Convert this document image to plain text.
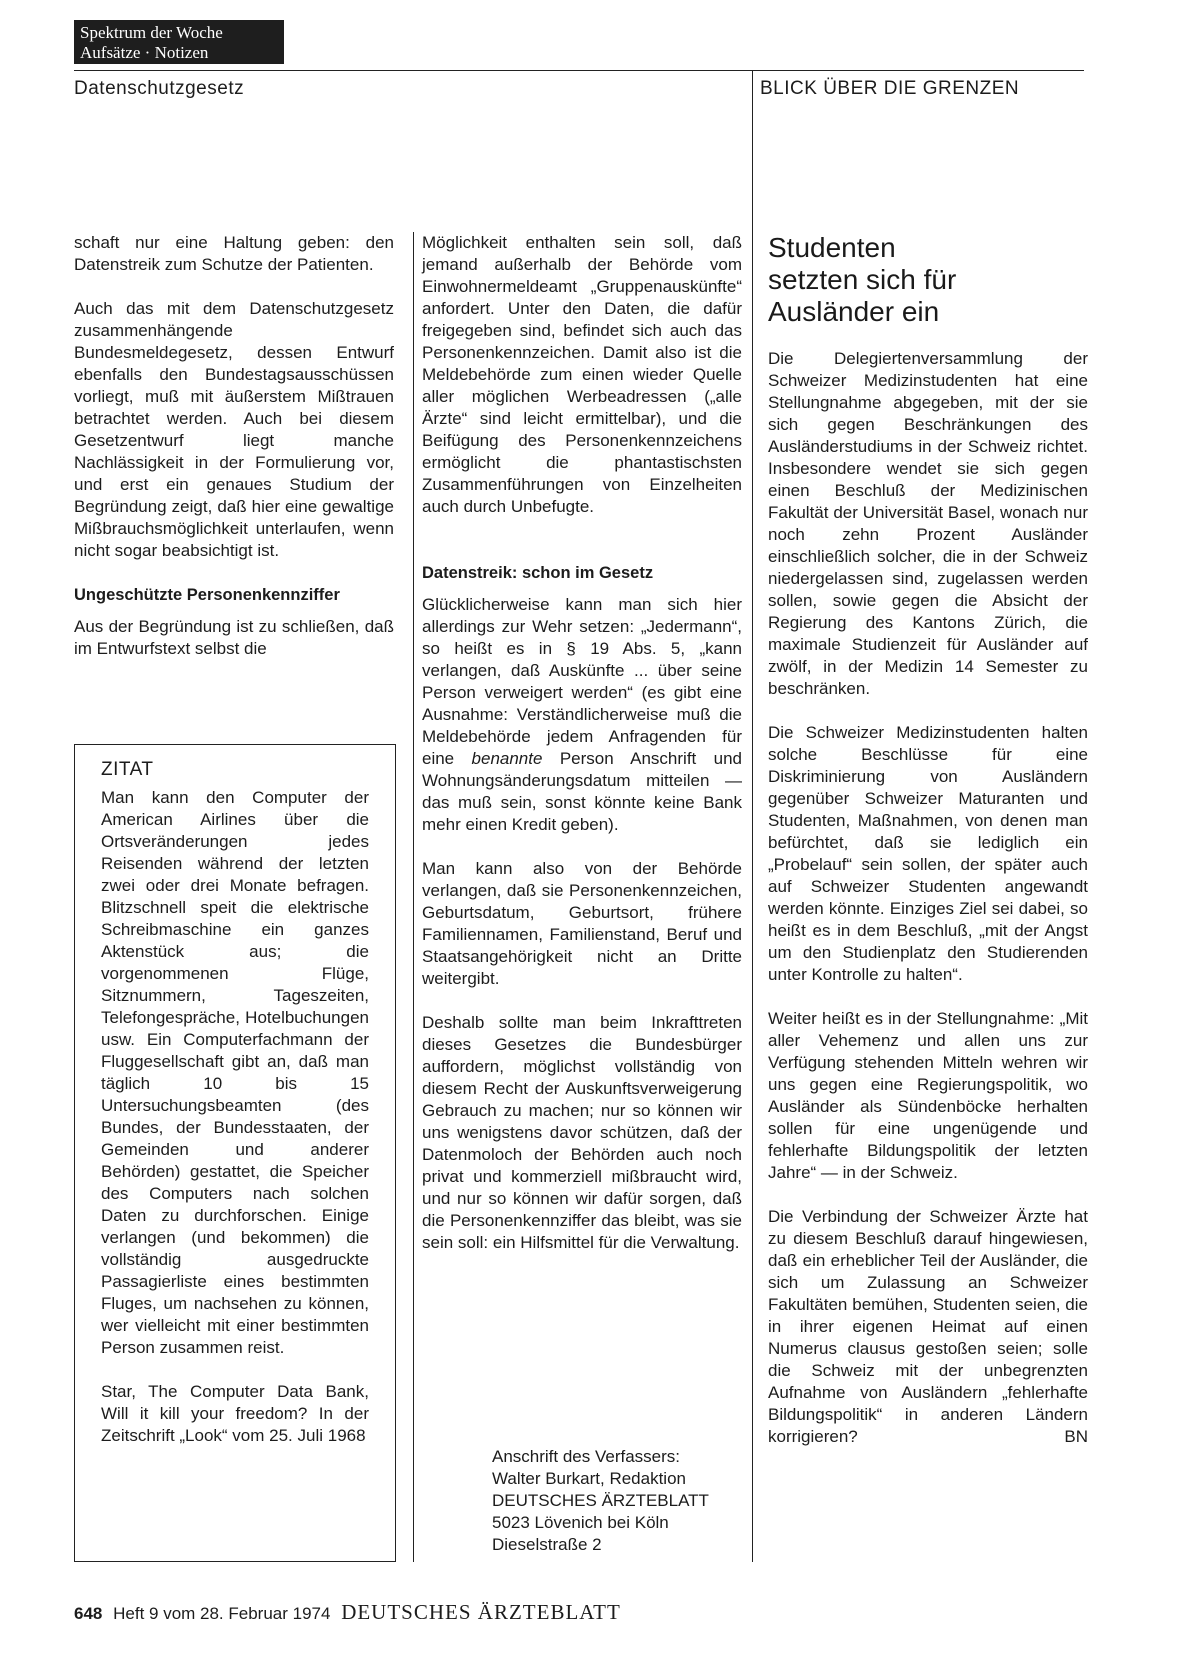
Spektrum der Woche
Aufsätze · Notizen
Datenschutzgesetz	BLICK ÜBER DIE GRENZEN

schaft nur eine Haltung geben: den Datenstreik zum Schutze der Patienten.

Auch das mit dem Datenschutzgesetz zusammenhängende Bundesmeldegesetz, dessen Entwurf ebenfalls den Bundestagsausschüssen vorliegt, muß mit äußerstem Mißtrauen betrachtet werden. Auch bei diesem Gesetzentwurf liegt manche Nachlässigkeit in der Formulierung vor, und erst ein genaues Studium der Begründung zeigt, daß hier eine gewaltige Mißbrauchsmöglichkeit unterlaufen, wenn nicht sogar beabsichtigt ist.

Ungeschützte Personenkennziffer

Aus der Begründung ist zu schließen, daß im Entwurfstext selbst die

ZITAT

Man kann den Computer der American Airlines über die Ortsveränderungen jedes Reisenden während der letzten zwei oder drei Monate befragen. Blitzschnell speit die elektrische Schreibmaschine ein ganzes Aktenstück aus; die vorgenommenen Flüge, Sitznummern, Tageszeiten, Telefongespräche, Hotelbuchungen usw. Ein Computerfachmann der Fluggesellschaft gibt an, daß man täglich 10 bis 15 Untersuchungsbeamten (des Bundes, der Bundesstaaten, der Gemeinden und anderer Behörden) gestattet, die Speicher des Computers nach solchen Daten zu durchforschen. Einige verlangen (und bekommen) die vollständig ausgedruckte Passagierliste eines bestimmten Fluges, um nachsehen zu können, wer vielleicht mit einer bestimmten Person zusammen reist.

Star, The Computer Data Bank, Will it kill your freedom? In der Zeitschrift „Look“ vom 25. Juli 1968

Möglichkeit enthalten sein soll, daß jemand außerhalb der Behörde vom Einwohnermeldeamt „Gruppenauskünfte“ anfordert. Unter den Daten, die dafür freigegeben sind, befindet sich auch das Personenkennzeichen. Damit also ist die Meldebehörde zum einen wieder Quelle aller möglichen Werbeadressen („alle Ärzte“ sind leicht ermittelbar), und die Beifügung des Personenkennzeichens ermöglicht die phantastischsten Zusammenführungen von Einzelheiten auch durch Unbefugte.

Datenstreik: schon im Gesetz

Glücklicherweise kann man sich hier allerdings zur Wehr setzen: „Jedermann“, so heißt es in § 19 Abs. 5, „kann verlangen, daß Auskünfte ... über seine Person verweigert werden“ (es gibt eine Ausnahme: Verständlicherweise muß die Meldebehörde jedem Anfragenden für eine benannte Person Anschrift und Wohnungsänderungsdatum mitteilen — das muß sein, sonst könnte keine Bank mehr einen Kredit geben).

Man kann also von der Behörde verlangen, daß sie Personenkennzeichen, Geburtsdatum, Geburtsort, frühere Familiennamen, Familienstand, Beruf und Staatsangehörigkeit nicht an Dritte weitergibt.

Deshalb sollte man beim Inkrafttreten dieses Gesetzes die Bundesbürger auffordern, möglichst vollständig von diesem Recht der Auskunftsverweigerung Gebrauch zu machen; nur so können wir uns wenigstens davor schützen, daß der Datenmoloch der Behörden auch noch privat und kommerziell mißbraucht wird, und nur so können wir dafür sorgen, daß die Personenkennziffer das bleibt, was sie sein soll: ein Hilfsmittel für die Verwaltung.

Anschrift des Verfassers:
Walter Burkart, Redaktion
DEUTSCHES ÄRZTEBLATT
5023 Lövenich bei Köln
Dieselstraße 2
Studenten
setzten sich für
Ausländer ein

Die Delegiertenversammlung der Schweizer Medizinstudenten hat eine Stellungnahme abgegeben, mit der sie sich gegen Beschränkungen des Ausländerstudiums in der Schweiz richtet. Insbesondere wendet sie sich gegen einen Beschluß der Medizinischen Fakultät der Universität Basel, wonach nur noch zehn Prozent Ausländer einschließlich solcher, die in der Schweiz niedergelassen sind, zugelassen werden sollen, sowie gegen die Absicht der Regierung des Kantons Zürich, die maximale Studienzeit für Ausländer auf zwölf, in der Medizin 14 Semester zu beschränken.

Die Schweizer Medizinstudenten halten solche Beschlüsse für eine Diskriminierung von Ausländern gegenüber Schweizer Maturanten und Studenten, Maßnahmen, von denen man befürchtet, daß sie lediglich ein „Probelauf“ sein sollen, der später auch auf Schweizer Studenten angewandt werden könnte. Einziges Ziel sei dabei, so heißt es in dem Beschluß, „mit der Angst um den Studienplatz den Studierenden unter Kontrolle zu halten“.

Weiter heißt es in der Stellungnahme: „Mit aller Vehemenz und allen uns zur Verfügung stehenden Mitteln wehren wir uns gegen eine Regierungspolitik, wo Ausländer als Sündenböcke herhalten sollen für eine ungenügende und fehlerhafte Bildungspolitik der letzten Jahre“ — in der Schweiz.

Die Verbindung der Schweizer Ärzte hat zu diesem Beschluß darauf hingewiesen, daß ein erheblicher Teil der Ausländer, die sich um Zulassung an Schweizer Fakultäten bemühen, Studenten seien, die in ihrer eigenen Heimat auf einen Numerus clausus gestoßen seien; solle die Schweiz mit der unbegrenzten Aufnahme von Ausländern „fehlerhafte Bildungspolitik“ in anderen Ländern korrigieren?	BN

648 Heft 9 vom 28. Februar 1974 DEUTSCHES ÄRZTEBLATT
